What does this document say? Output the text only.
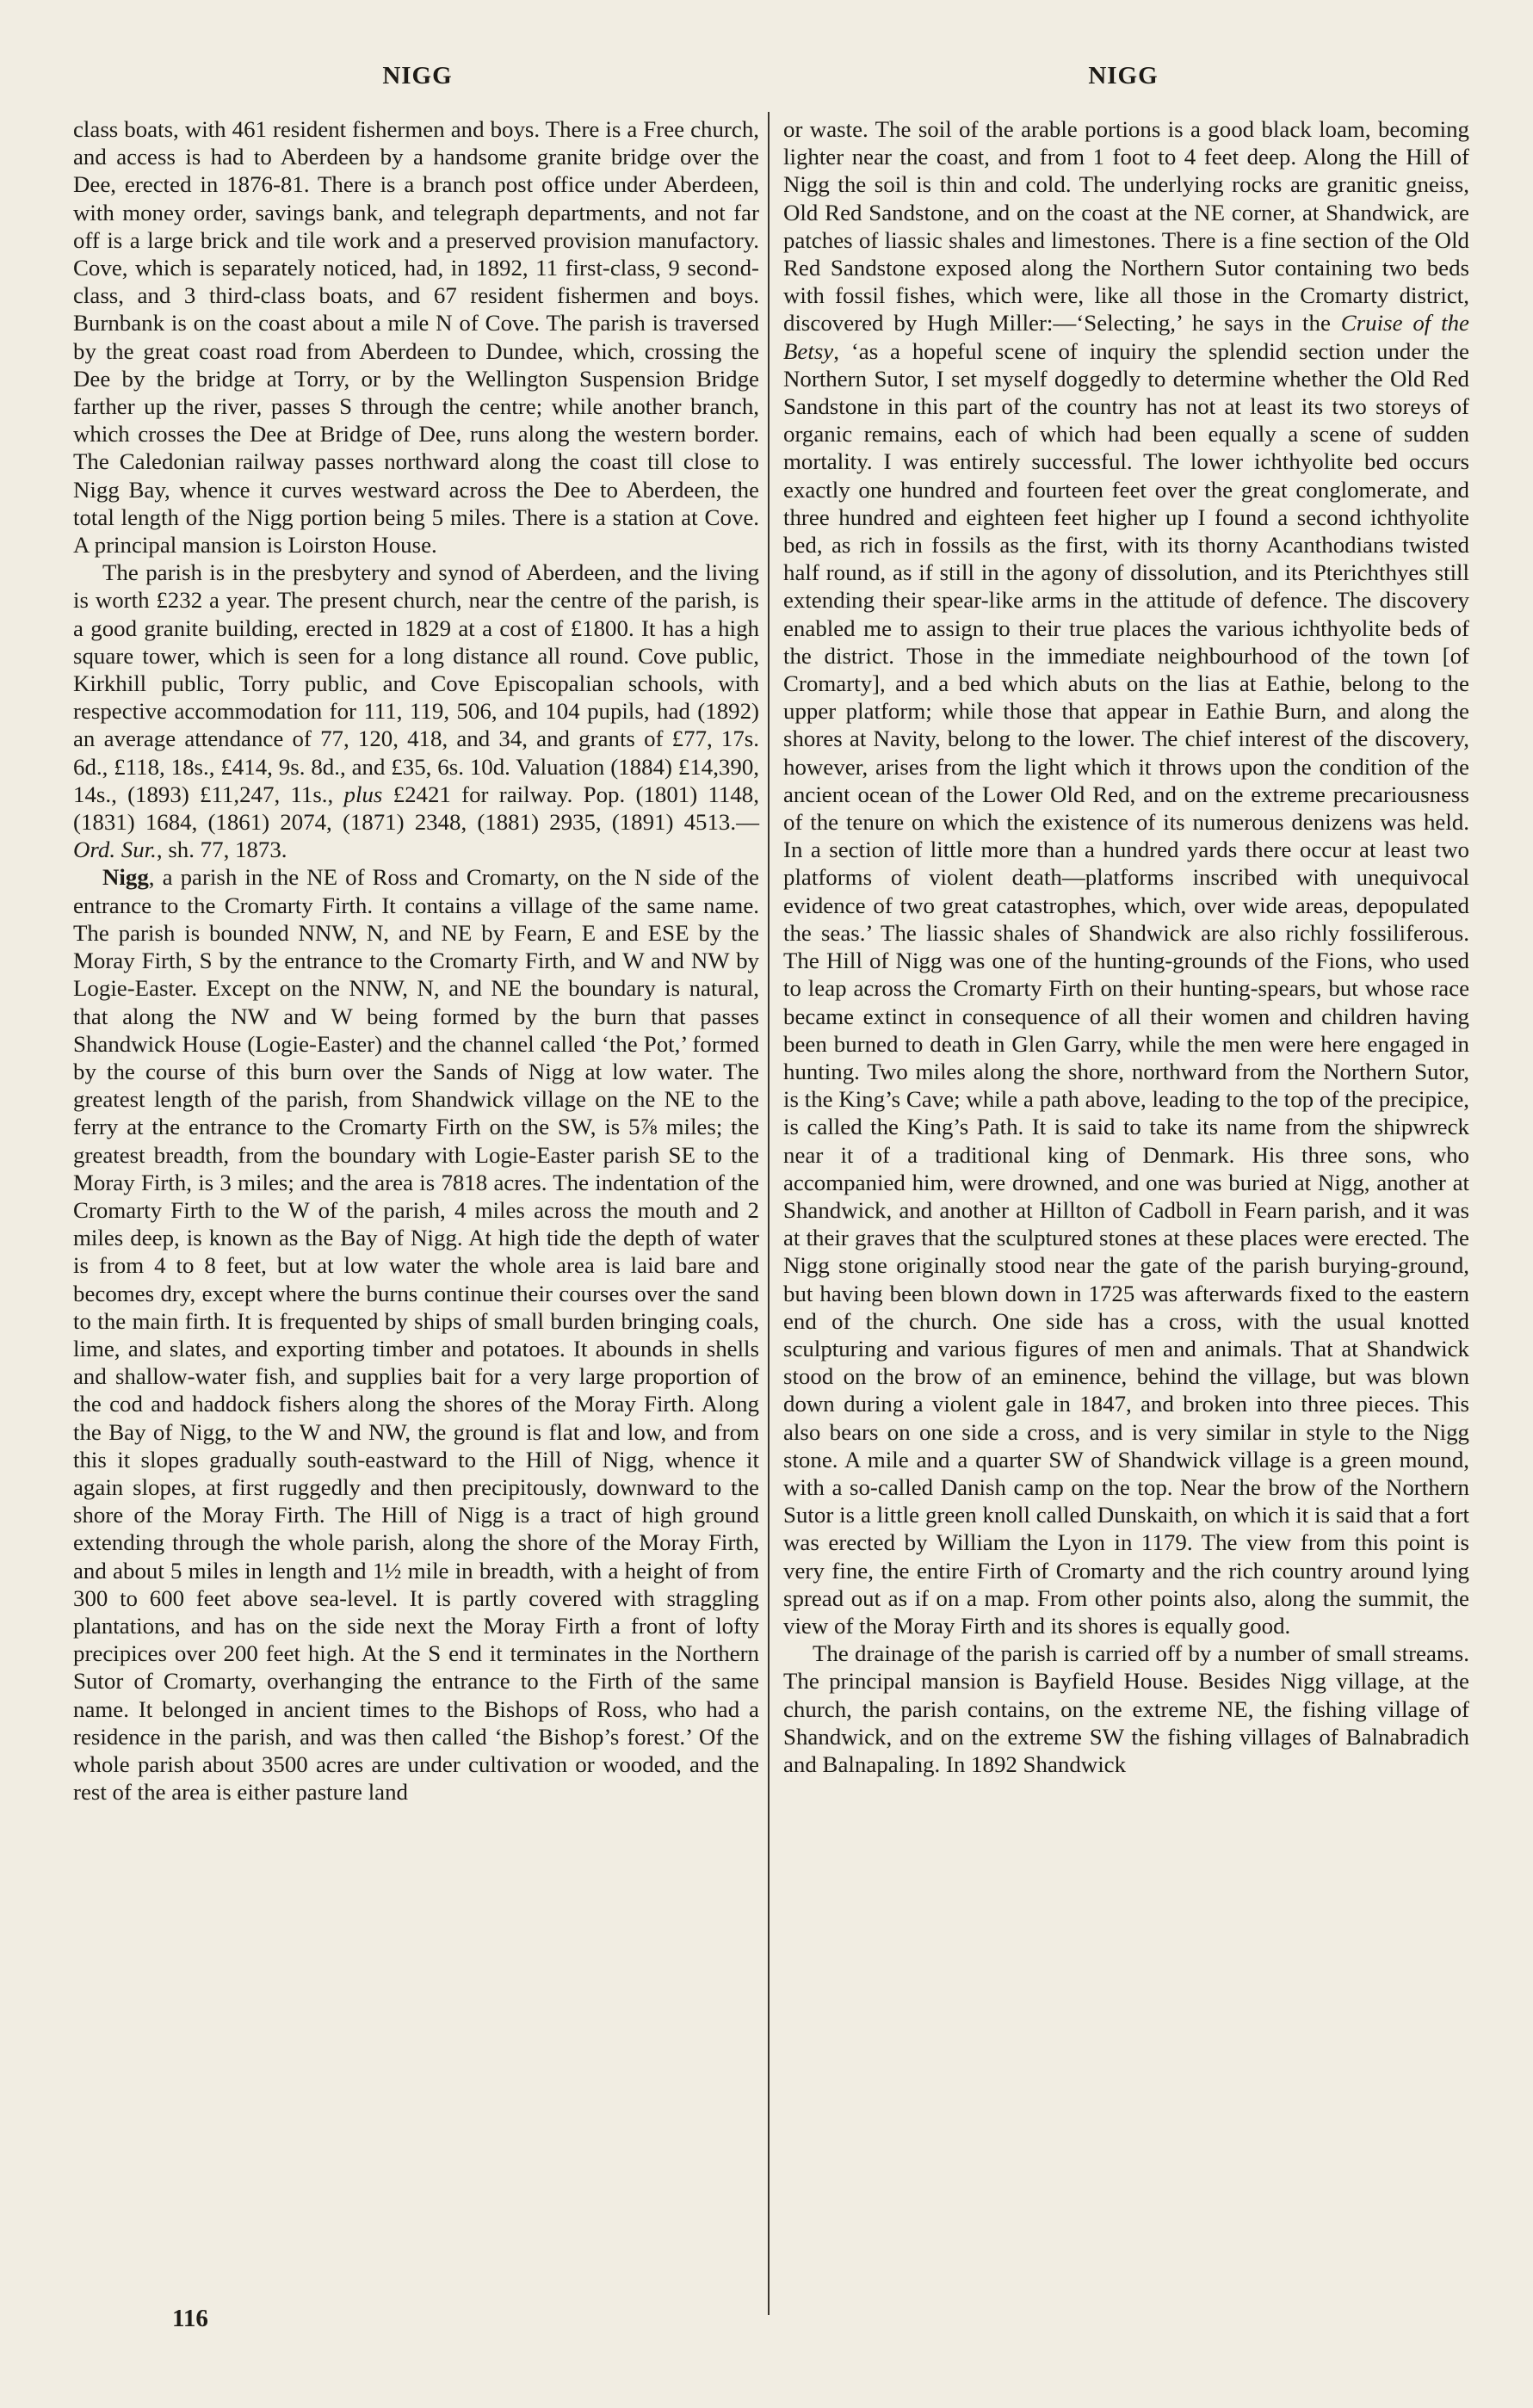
NIGG	NIGG

class boats, with 461 resident fishermen and boys. There is a Free church, and access is had to Aberdeen by a handsome granite bridge over the Dee, erected in 1876-81. There is a branch post office under Aberdeen, with money order, savings bank, and telegraph departments, and not far off is a large brick and tile work and a preserved provision manufactory. Cove, which is separately noticed, had, in 1892, 11 first-class, 9 second-class, and 3 third-class boats, and 67 resident fishermen and boys. Burnbank is on the coast about a mile N of Cove. The parish is traversed by the great coast road from Aberdeen to Dundee, which, crossing the Dee by the bridge at Torry, or by the Wellington Suspension Bridge farther up the river, passes S through the centre; while another branch, which crosses the Dee at Bridge of Dee, runs along the western border. The Caledonian railway passes northward along the coast till close to Nigg Bay, whence it curves westward across the Dee to Aberdeen, the total length of the Nigg portion being 5 miles. There is a station at Cove. A principal mansion is Loirston House.

The parish is in the presbytery and synod of Aberdeen, and the living is worth £232 a year. The present church, near the centre of the parish, is a good granite building, erected in 1829 at a cost of £1800. It has a high square tower, which is seen for a long distance all round. Cove public, Kirkhill public, Torry public, and Cove Episcopalian schools, with respective accommodation for 111, 119, 506, and 104 pupils, had (1892) an average attendance of 77, 120, 418, and 34, and grants of £77, 17s. 6d., £118, 18s., £414, 9s. 8d., and £35, 6s. 10d. Valuation (1884) £14,390, 14s., (1893) £11,247, 11s., plus £2421 for railway. Pop. (1801) 1148, (1831) 1684, (1861) 2074, (1871) 2348, (1881) 2935, (1891) 4513.—Ord. Sur., sh. 77, 1873.

Nigg, a parish in the NE of Ross and Cromarty, on the N side of the entrance to the Cromarty Firth. It contains a village of the same name. The parish is bounded NNW, N, and NE by Fearn, E and ESE by the Moray Firth, S by the entrance to the Cromarty Firth, and W and NW by Logie-Easter. Except on the NNW, N, and NE the boundary is natural, that along the NW and W being formed by the burn that passes Shandwick House (Logie-Easter) and the channel called ‘the Pot,’ formed by the course of this burn over the Sands of Nigg at low water. The greatest length of the parish, from Shandwick village on the NE to the ferry at the entrance to the Cromarty Firth on the SW, is 5⅞ miles; the greatest breadth, from the boundary with Logie-Easter parish SE to the Moray Firth, is 3 miles; and the area is 7818 acres. The indentation of the Cromarty Firth to the W of the parish, 4 miles across the mouth and 2 miles deep, is known as the Bay of Nigg. At high tide the depth of water is from 4 to 8 feet, but at low water the whole area is laid bare and becomes dry, except where the burns continue their courses over the sand to the main firth. It is frequented by ships of small burden bringing coals, lime, and slates, and exporting timber and potatoes. It abounds in shells and shallow-water fish, and supplies bait for a very large proportion of the cod and haddock fishers along the shores of the Moray Firth. Along the Bay of Nigg, to the W and NW, the ground is flat and low, and from this it slopes gradually south-eastward to the Hill of Nigg, whence it again slopes, at first ruggedly and then precipitously, downward to the shore of the Moray Firth. The Hill of Nigg is a tract of high ground extending through the whole parish, along the shore of the Moray Firth, and about 5 miles in length and 1½ mile in breadth, with a height of from 300 to 600 feet above sea-level. It is partly covered with straggling plantations, and has on the side next the Moray Firth a front of lofty precipices over 200 feet high. At the S end it terminates in the Northern Sutor of Cromarty, overhanging the entrance to the Firth of the same name. It belonged in ancient times to the Bishops of Ross, who had a residence in the parish, and was then called ‘the Bishop’s forest.’ Of the whole parish about 3500 acres are under cultivation or wooded, and the rest of the area is either pasture land

or waste. The soil of the arable portions is a good black loam, becoming lighter near the coast, and from 1 foot to 4 feet deep. Along the Hill of Nigg the soil is thin and cold. The underlying rocks are granitic gneiss, Old Red Sandstone, and on the coast at the NE corner, at Shandwick, are patches of liassic shales and limestones. There is a fine section of the Old Red Sandstone exposed along the Northern Sutor containing two beds with fossil fishes, which were, like all those in the Cromarty district, discovered by Hugh Miller:—‘Selecting,’ he says in the Cruise of the Betsy, ‘as a hopeful scene of inquiry the splendid section under the Northern Sutor, I set myself doggedly to determine whether the Old Red Sandstone in this part of the country has not at least its two storeys of organic remains, each of which had been equally a scene of sudden mortality. I was entirely successful. The lower ichthyolite bed occurs exactly one hundred and fourteen feet over the great conglomerate, and three hundred and eighteen feet higher up I found a second ichthyolite bed, as rich in fossils as the first, with its thorny Acanthodians twisted half round, as if still in the agony of dissolution, and its Pterichthyes still extending their spear-like arms in the attitude of defence. The discovery enabled me to assign to their true places the various ichthyolite beds of the district. Those in the immediate neighbourhood of the town [of Cromarty], and a bed which abuts on the lias at Eathie, belong to the upper platform; while those that appear in Eathie Burn, and along the shores at Navity, belong to the lower. The chief interest of the discovery, however, arises from the light which it throws upon the condition of the ancient ocean of the Lower Old Red, and on the extreme precariousness of the tenure on which the existence of its numerous denizens was held. In a section of little more than a hundred yards there occur at least two platforms of violent death—platforms inscribed with unequivocal evidence of two great catastrophes, which, over wide areas, depopulated the seas.’ The liassic shales of Shandwick are also richly fossiliferous. The Hill of Nigg was one of the hunting-grounds of the Fions, who used to leap across the Cromarty Firth on their hunting-spears, but whose race became extinct in consequence of all their women and children having been burned to death in Glen Garry, while the men were here engaged in hunting. Two miles along the shore, northward from the Northern Sutor, is the King’s Cave; while a path above, leading to the top of the precipice, is called the King’s Path. It is said to take its name from the shipwreck near it of a traditional king of Denmark. His three sons, who accompanied him, were drowned, and one was buried at Nigg, another at Shandwick, and another at Hillton of Cadboll in Fearn parish, and it was at their graves that the sculptured stones at these places were erected. The Nigg stone originally stood near the gate of the parish burying-ground, but having been blown down in 1725 was afterwards fixed to the eastern end of the church. One side has a cross, with the usual knotted sculpturing and various figures of men and animals. That at Shandwick stood on the brow of an eminence, behind the village, but was blown down during a violent gale in 1847, and broken into three pieces. This also bears on one side a cross, and is very similar in style to the Nigg stone. A mile and a quarter SW of Shandwick village is a green mound, with a so-called Danish camp on the top. Near the brow of the Northern Sutor is a little green knoll called Dunskaith, on which it is said that a fort was erected by William the Lyon in 1179. The view from this point is very fine, the entire Firth of Cromarty and the rich country around lying spread out as if on a map. From other points also, along the summit, the view of the Moray Firth and its shores is equally good.

The drainage of the parish is carried off by a number of small streams. The principal mansion is Bayfield House. Besides Nigg village, at the church, the parish contains, on the extreme NE, the fishing village of Shandwick, and on the extreme SW the fishing villages of Balnabradich and Balnapaling. In 1892 Shandwick

116
